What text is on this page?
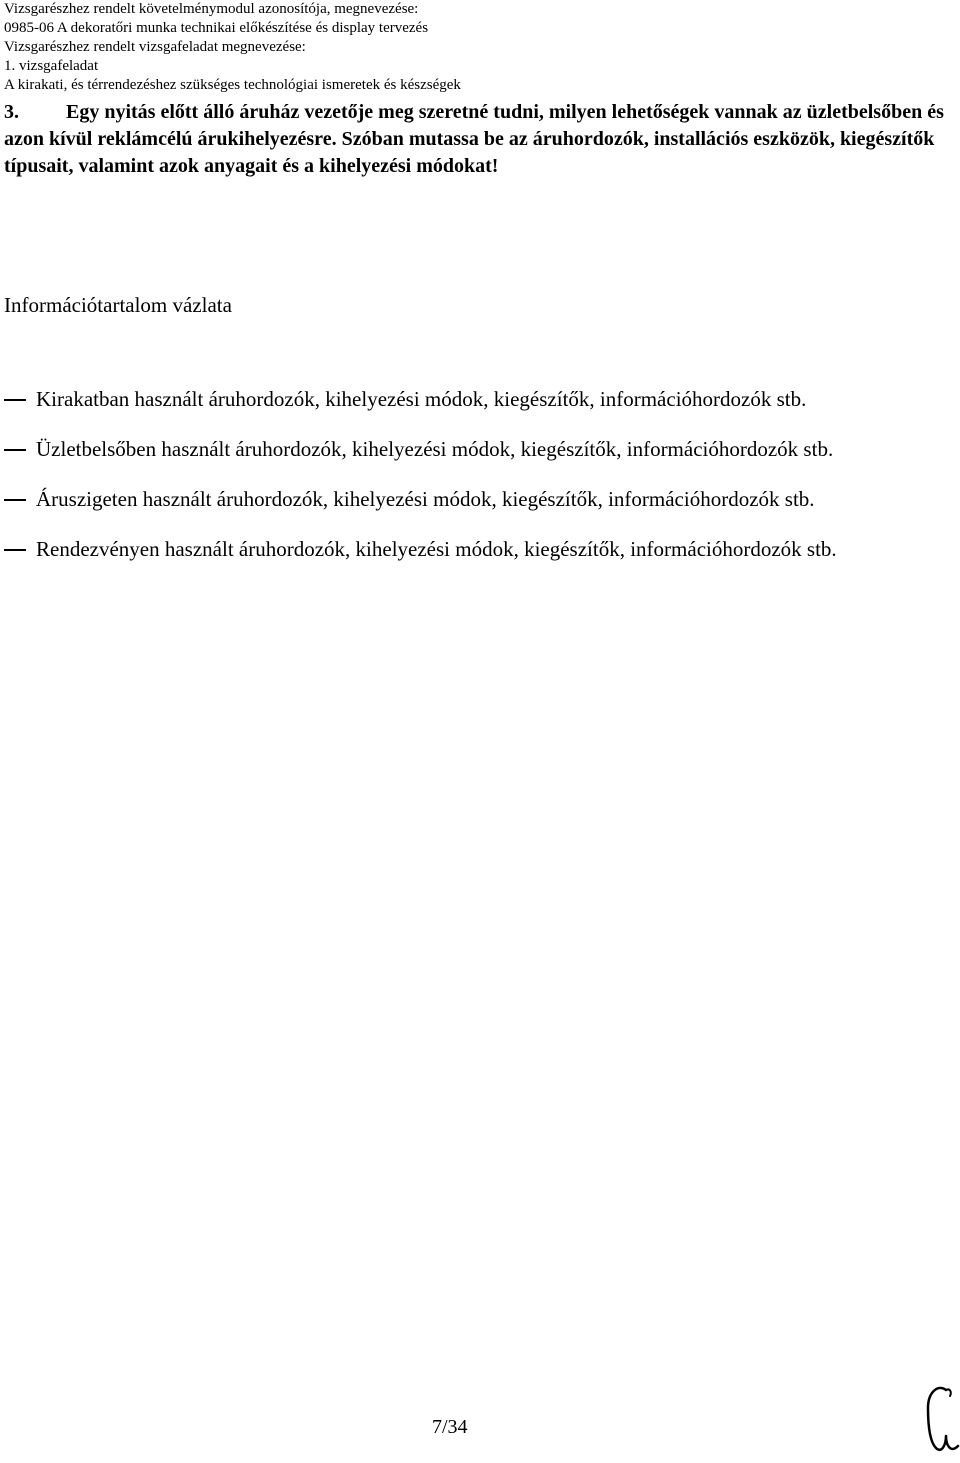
Vizsgarészhez rendelt követelménymodul azonosítója, megnevezése:
0985-06 A dekoratőri munka technikai előkészítése és display tervezés
Vizsgarészhez rendelt vizsgafeladat megnevezése:
1. vizsgafeladat
A kirakati, és térrendezéshez szükséges technológiai ismeretek és készségek
3. Egy nyitás előtt álló áruház vezetője meg szeretné tudni, milyen lehetőségek vannak az üzletbelsőben és azon kívül reklámcélú árukihelyezésre. Szóban mutassa be az áruhordozók, installációs eszközök, kiegészítők típusait, valamint azok anyagait és a kihelyezési módokat!
Információtartalom vázlata
Kirakatban használt áruhordozók, kihelyezési módok, kiegészítők, információhordozók stb.
Üzletbelsőben használt áruhordozók, kihelyezési módok, kiegészítők, információhordozók stb.
Áruszigeten használt áruhordozók, kihelyezési módok, kiegészítők, információhordozók stb.
Rendezvényen használt áruhordozók, kihelyezési módok, kiegészítők, információhordozók stb.
7/34
